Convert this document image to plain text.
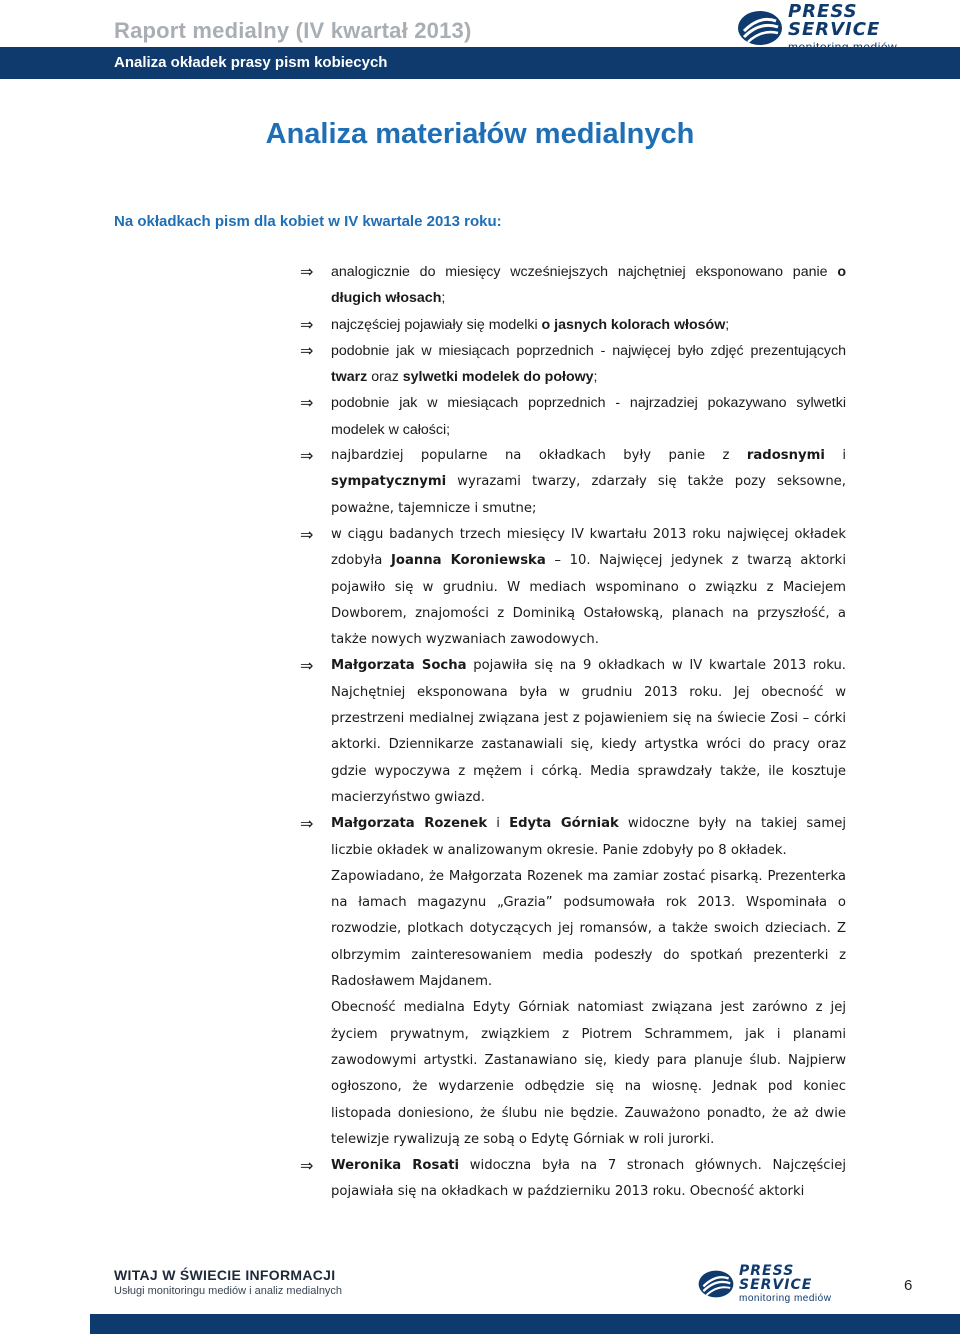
Raport medialny (IV kwartał 2013)
Analiza okładek prasy pism kobiecych
PRESS
SERVICE
monitoring mediów
Analiza materiałów medialnych
Na okładkach pism dla kobiet w IV kwartale 2013 roku:
⇒ analogicznie do miesięcy wcześniejszych najchętniej eksponowano panie o długich włosach;

⇒ najczęściej pojawiały się modelki o jasnych kolorach włosów;

⇒ podobnie jak w miesiącach poprzednich - najwięcej było zdjęć prezentujących twarz oraz sylwetki modelek do połowy;

⇒ podobnie jak w miesiącach poprzednich - najrzadziej pokazywano sylwetki modelek w całości;

⇒ najbardziej popularne na okładkach były panie z radosnymi i sympatycznymi wyrazami twarzy, zdarzały się także pozy seksowne, poważne, tajemnicze i smutne;

⇒ w ciągu badanych trzech miesięcy IV kwartału 2013 roku najwięcej okładek zdobyła Joanna Koroniewska – 10. Najwięcej jedynek z twarzą aktorki pojawiło się w grudniu. W mediach wspominano o związku z Maciejem Dowborem, znajomości z Dominiką Ostałowską, planach na przyszłość, a także nowych wyzwaniach zawodowych.

⇒ Małgorzata Socha pojawiła się na 9 okładkach w IV kwartale 2013 roku. Najchętniej eksponowana była w grudniu 2013 roku. Jej obecność w przestrzeni medialnej związana jest z pojawieniem się na świecie Zosi – córki aktorki. Dziennikarze zastanawiali się, kiedy artystka wróci do pracy oraz gdzie wypoczywa z mężem i córką. Media sprawdzały także, ile kosztuje macierzyństwo gwiazd.

⇒ Małgorzata Rozenek i Edyta Górniak widoczne były na takiej samej liczbie okładek w analizowanym okresie. Panie zdobyły po 8 okładek.

Zapowiadano, że Małgorzata Rozenek ma zamiar zostać pisarką. Prezenterka na łamach magazynu „Grazia” podsumowała rok 2013. Wspominała o rozwodzie, plotkach dotyczących jej romansów, a także swoich dzieciach. Z olbrzymim zainteresowaniem media podeszły do spotkań prezenterki z Radosławem Majdanem.

Obecność medialna Edyty Górniak natomiast związana jest zarówno z jej życiem prywatnym, związkiem z Piotrem Schrammem, jak i planami zawodowymi artystki. Zastanawiano się, kiedy para planuje ślub. Najpierw ogłoszono, że wydarzenie odbędzie się na wiosnę. Jednak pod koniec listopada doniesiono, że ślubu nie będzie. Zauważono ponadto, że aż dwie telewizje rywalizują ze sobą o Edytę Górniak w roli jurorki.

⇒ Weronika Rosati widoczna była na 7 stronach głównych. Najczęściej pojawiała się na okładkach w październiku 2013 roku. Obecność aktorki

WITAJ W ŚWIECIE INFORMACJI
Usługi monitoringu mediów i analiz medialnych
PRESS
SERVICE
monitoring mediów
6
